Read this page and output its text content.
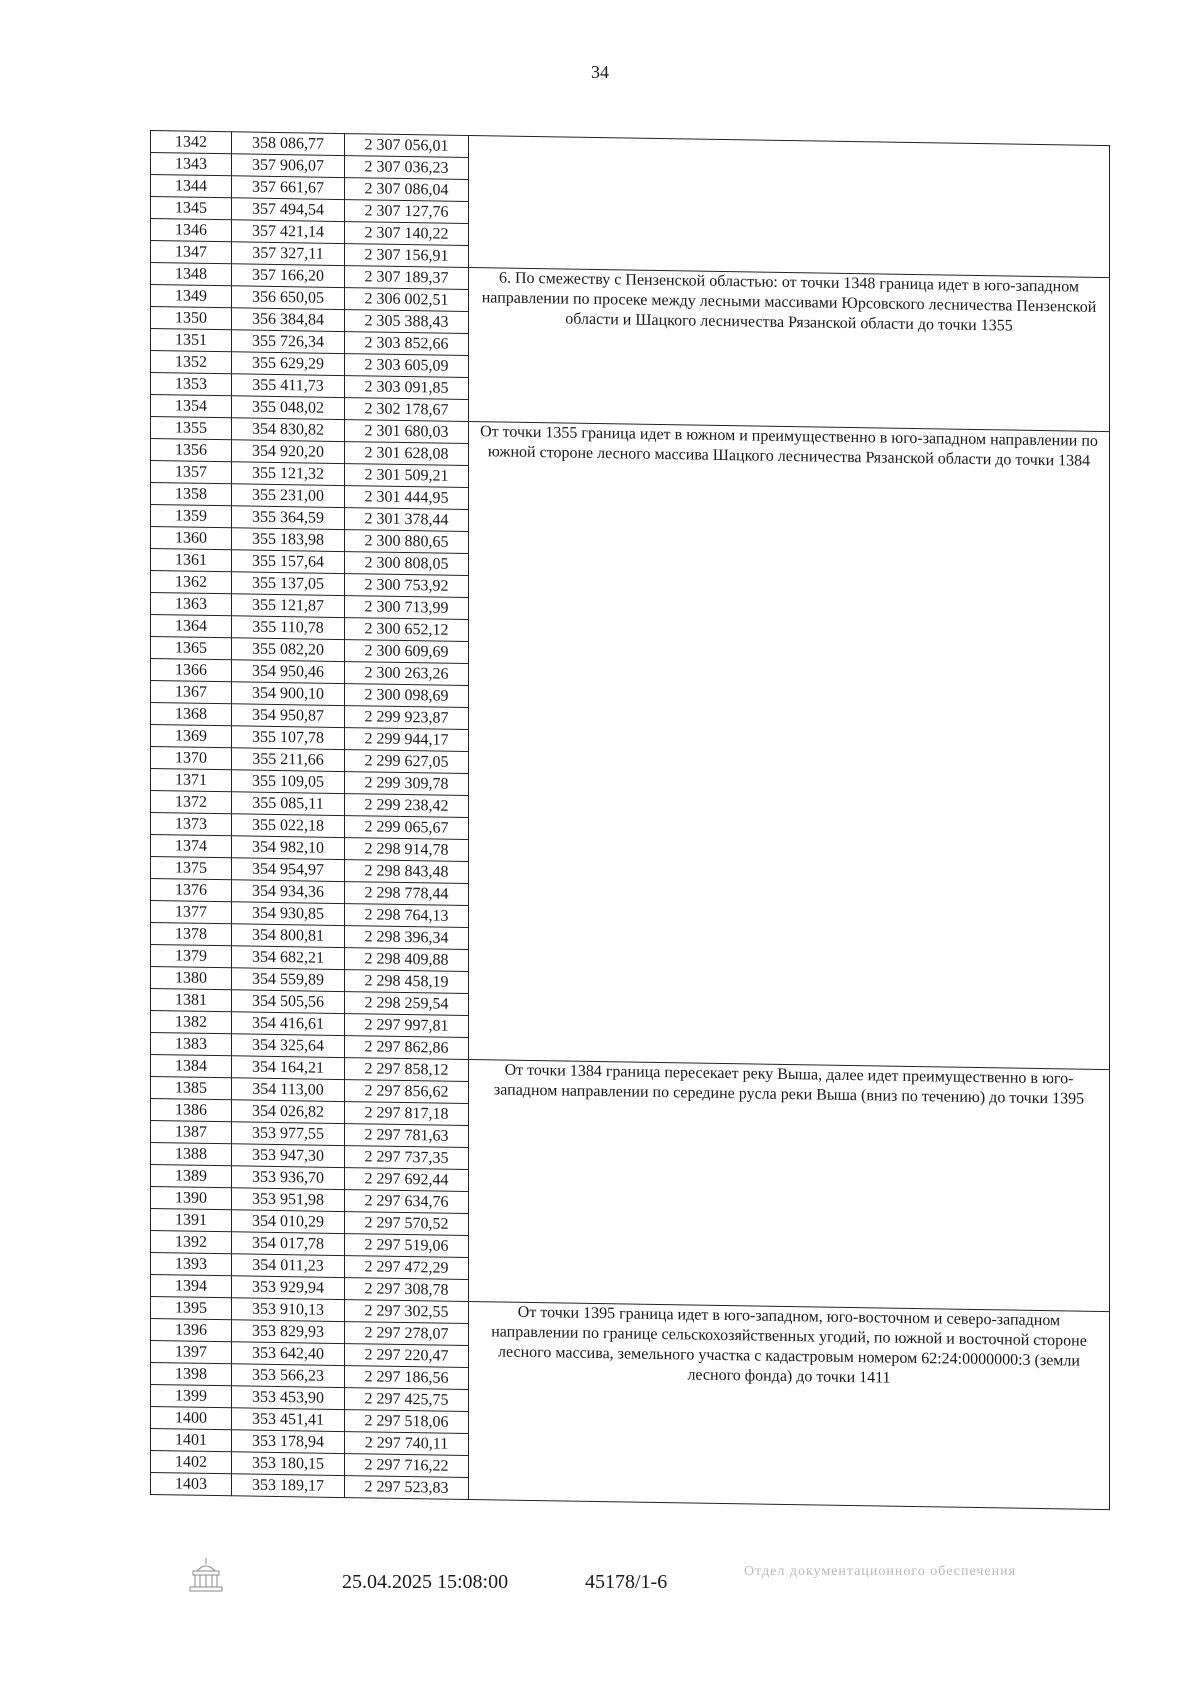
34
1342	358 086,77	2 307 056,01	
1343	357 906,07	2 307 036,23	
1344	357 661,67	2 307 086,04	
1345	357 494,54	2 307 127,76	
1346	357 421,14	2 307 140,22	
1347	357 327,11	2 307 156,91	
1348	357 166,20	2 307 189,37	6. По смежеству с Пензенской областью: от точки 1348 граница идет в юго-западном направлении по просеке между лесными массивами Юрсовского лесничества Пензенской области и Шацкого лесничества Рязанской области до точки 1355
1349	356 650,05	2 306 002,51	
1350	356 384,84	2 305 388,43	
1351	355 726,34	2 303 852,66	
1352	355 629,29	2 303 605,09	
1353	355 411,73	2 303 091,85	
1354	355 048,02	2 302 178,67	
1355	354 830,82	2 301 680,03	От точки 1355 граница идет в южном и преимущественно в юго-западном направлении по южной стороне лесного массива Шацкого лесничества Рязанской области до точки 1384
1356	354 920,20	2 301 628,08	
1357	355 121,32	2 301 509,21	
1358	355 231,00	2 301 444,95	
1359	355 364,59	2 301 378,44	
1360	355 183,98	2 300 880,65	
1361	355 157,64	2 300 808,05	
1362	355 137,05	2 300 753,92	
1363	355 121,87	2 300 713,99	
1364	355 110,78	2 300 652,12	
1365	355 082,20	2 300 609,69	
1366	354 950,46	2 300 263,26	
1367	354 900,10	2 300 098,69	
1368	354 950,87	2 299 923,87	
1369	355 107,78	2 299 944,17	
1370	355 211,66	2 299 627,05	
1371	355 109,05	2 299 309,78	
1372	355 085,11	2 299 238,42	
1373	355 022,18	2 299 065,67	
1374	354 982,10	2 298 914,78	
1375	354 954,97	2 298 843,48	
1376	354 934,36	2 298 778,44	
1377	354 930,85	2 298 764,13	
1378	354 800,81	2 298 396,34	
1379	354 682,21	2 298 409,88	
1380	354 559,89	2 298 458,19	
1381	354 505,56	2 298 259,54	
1382	354 416,61	2 297 997,81	
1383	354 325,64	2 297 862,86	
1384	354 164,21	2 297 858,12	От точки 1384 граница пересекает реку Выша, далее идет преимущественно в юго-западном направлении по середине русла реки Выша (вниз по течению) до точки 1395
1385	354 113,00	2 297 856,62	
1386	354 026,82	2 297 817,18	
1387	353 977,55	2 297 781,63	
1388	353 947,30	2 297 737,35	
1389	353 936,70	2 297 692,44	
1390	353 951,98	2 297 634,76	
1391	354 010,29	2 297 570,52	
1392	354 017,78	2 297 519,06	
1393	354 011,23	2 297 472,29	
1394	353 929,94	2 297 308,78	
1395	353 910,13	2 297 302,55	От точки 1395 граница идет в юго-западном, юго-восточном и северо-западном направлении по границе сельскохозяйственных угодий, по южной и восточной стороне лесного массива, земельного участка с кадастровым номером 62:24:0000000:3 (земли лесного фонда) до точки 1411
1396	353 829,93	2 297 278,07	
1397	353 642,40	2 297 220,47	
1398	353 566,23	2 297 186,56	
1399	353 453,90	2 297 425,75	
1400	353 451,41	2 297 518,06	
1401	353 178,94	2 297 740,11	
1402	353 180,15	2 297 716,22	
1403	353 189,17	2 297 523,83	
25.04.2025 15:08:00	45178/1-6	Отдел документационного обеспечения
